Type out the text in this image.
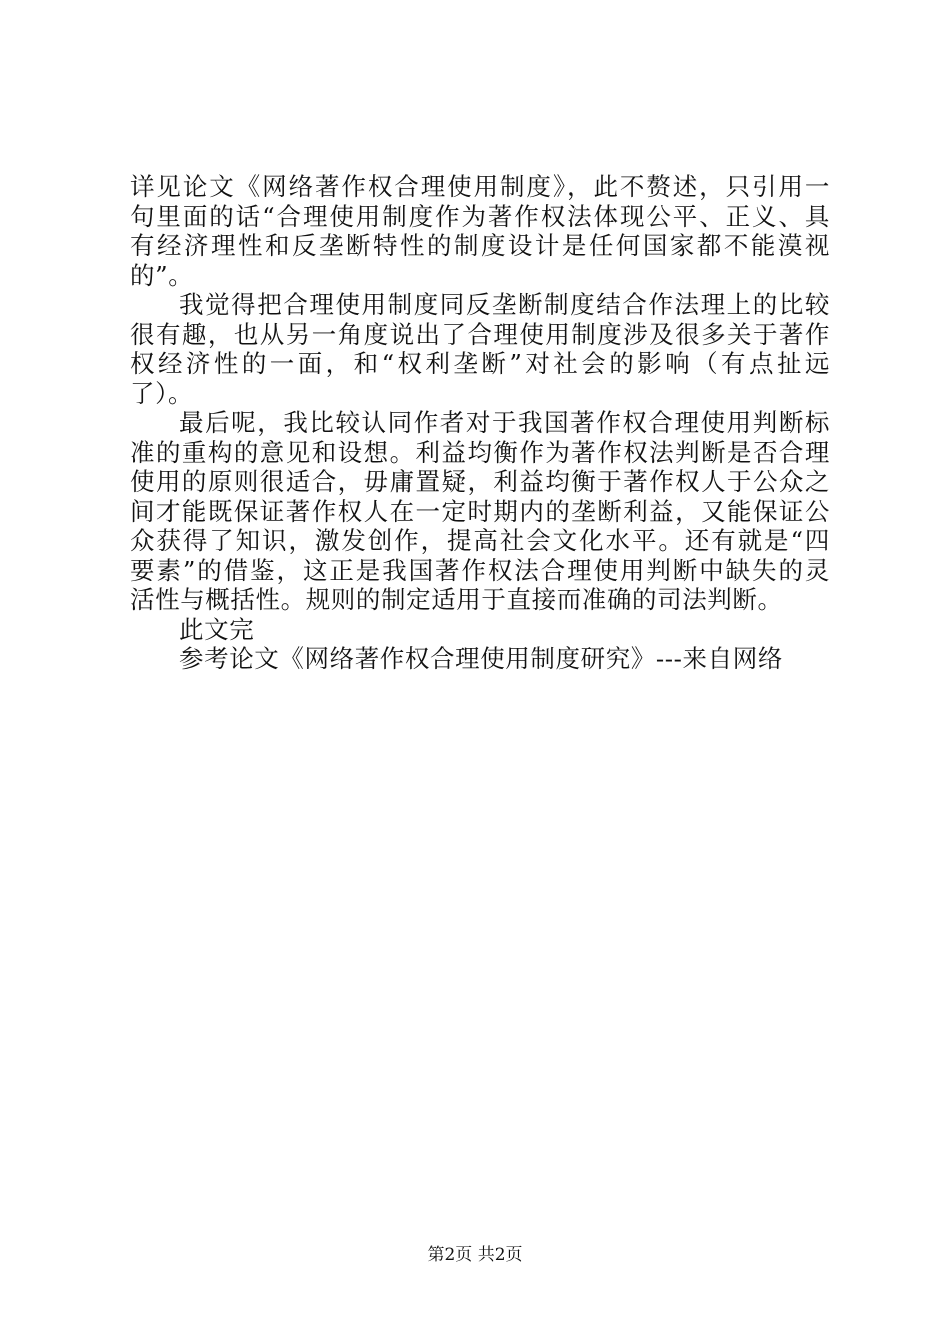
详见论文《网络著作权合理使用制度》，此不赘述，只引用一
句里面的话“合理使用制度作为著作权法体现公平、正义、具
有经济理性和反垄断特性的制度设计是任何国家都不能漠视
的”。
我觉得把合理使用制度同反垄断制度结合作法理上的比较
很有趣，也从另一角度说出了合理使用制度涉及很多关于著作
权经济性的一面，和“权利垄断”对社会的影响（有点扯远
了）。
最后呢，我比较认同作者对于我国著作权合理使用判断标
准的重构的意见和设想。利益均衡作为著作权法判断是否合理
使用的原则很适合，毋庸置疑，利益均衡于著作权人于公众之
间才能既保证著作权人在一定时期内的垄断利益，又能保证公
众获得了知识，激发创作，提高社会文化水平。还有就是“四
要素”的借鉴，这正是我国著作权法合理使用判断中缺失的灵
活性与概括性。规则的制定适用于直接而准确的司法判断。
此文完
参考论文《网络著作权合理使用制度研究》---来自网络
第2页 共2页
